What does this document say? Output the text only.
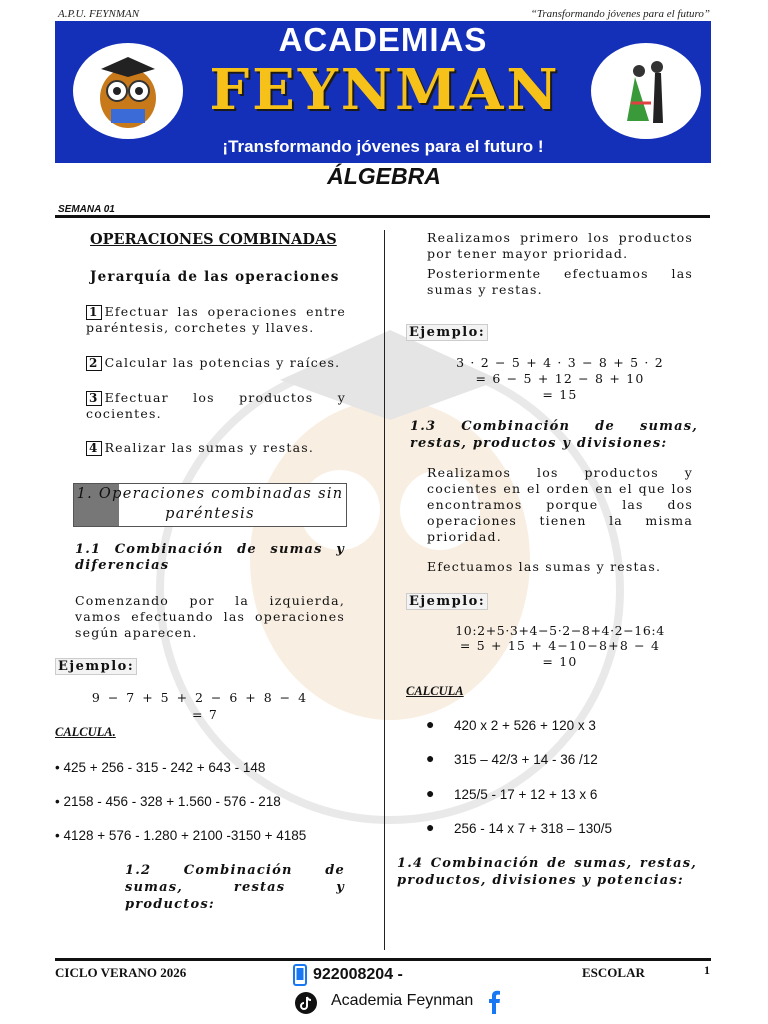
A.P.U. FEYNMAN	“Transformando jóvenes para el futuro”
ACADEMIAS
FEYNMAN
¡Transformando jóvenes para el futuro !
ÁLGEBRA
SEMANA 01
OPERACIONES COMBINADAS
Jerarquía de las operaciones
1 Efectuar las operaciones entre paréntesis, corchetes y llaves.
2 Calcular las potencias y raíces.
3 Efectuar los productos y cocientes.
4 Realizar las sumas y restas.
1. Operaciones combinadas sin paréntesis
1.1 Combinación de sumas y diferencias
Comenzando por la izquierda, vamos efectuando las operaciones según aparecen.
Ejemplo:
9 − 7 + 5 + 2 − 6 + 8 − 4
= 7
CALCULA.
• 425 + 256 - 315 - 242 + 643 - 148
• 2158 - 456 - 328 + 1.560 - 576 - 218
• 4128 + 576 - 1.280 + 2100 -3150 + 4185
1.2 Combinación de sumas, restas y productos:
Realizamos primero los productos por tener mayor prioridad.
Posteriormente efectuamos las sumas y restas.
Ejemplo:
3 · 2 − 5 + 4 · 3 − 8 + 5 · 2
= 6 − 5 + 12 − 8 + 10
= 15
1.3 Combinación de sumas, restas, productos y divisiones:
Realizamos los productos y cocientes en el orden en el que los encontramos porque las dos operaciones tienen la misma prioridad.
Efectuamos las sumas y restas.
Ejemplo:
10:2+5·3+4−5·2−8+4·2−16:4
= 5 + 15 + 4−10−8+8 − 4
= 10
CALCULA
● 420 x 2 + 526 + 120 x 3
● 315 – 42/3 + 14 - 36 /12
● 125/5 - 17 + 12 + 13 x 6
● 256 - 14 x 7 + 318 – 130/5
1.4 Combinación de sumas, restas, productos, divisiones y potencias:
CICLO VERANO 2026	922008204 -	ESCOLAR	1
Academia Feynman
